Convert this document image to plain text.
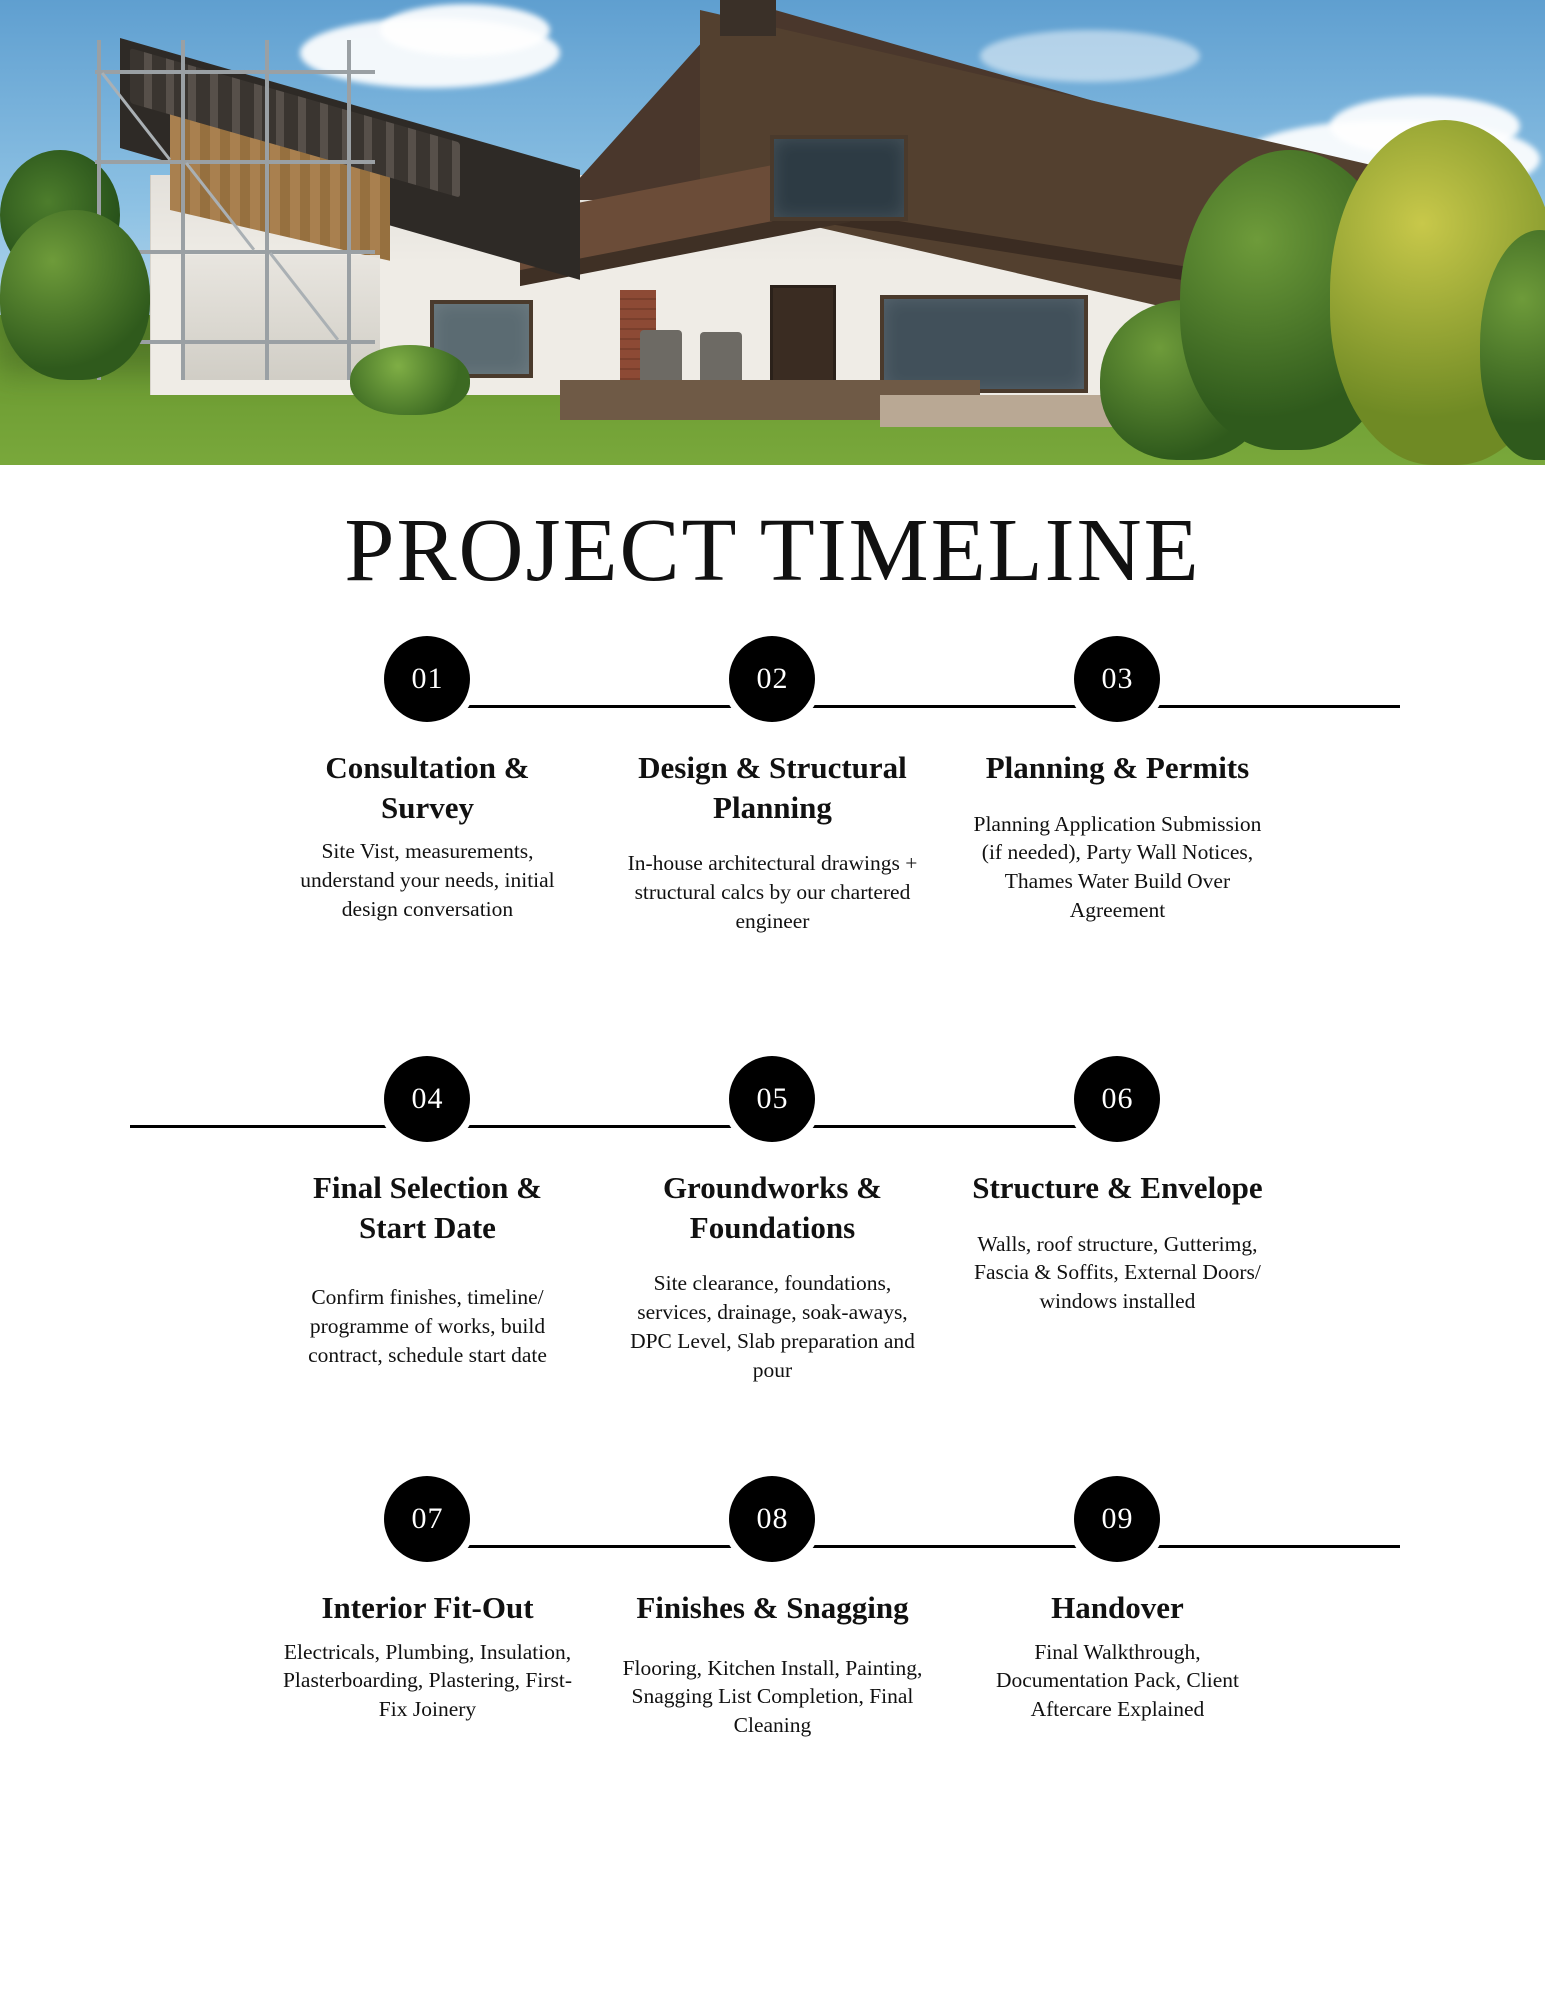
PROJECT TIMELINE
01
Consultation & Survey
Site Vist, measurements, understand your needs, initial design conversation
02
Design & Structural Planning
In-house architectural drawings + structural calcs by our chartered engineer
03
Planning & Permits
Planning Application Submission (if needed), Party Wall Notices, Thames Water Build Over Agreement
04
Final Selection & Start Date
Confirm finishes, timeline/ programme of works, build contract, schedule start date
05
Groundworks & Foundations
Site clearance, foundations, services, drainage, soak-aways, DPC Level, Slab preparation and pour
06
Structure & Envelope
Walls, roof structure, Gutterimg, Fascia & Soffits, External Doors/ windows installed
07
Interior Fit-Out
Electricals, Plumbing, Insulation, Plasterboarding, Plastering, First-Fix Joinery
08
Finishes & Snagging
Flooring, Kitchen Install, Painting, Snagging List Completion, Final Cleaning
09
Handover
Final Walkthrough, Documentation Pack, Client Aftercare Explained
